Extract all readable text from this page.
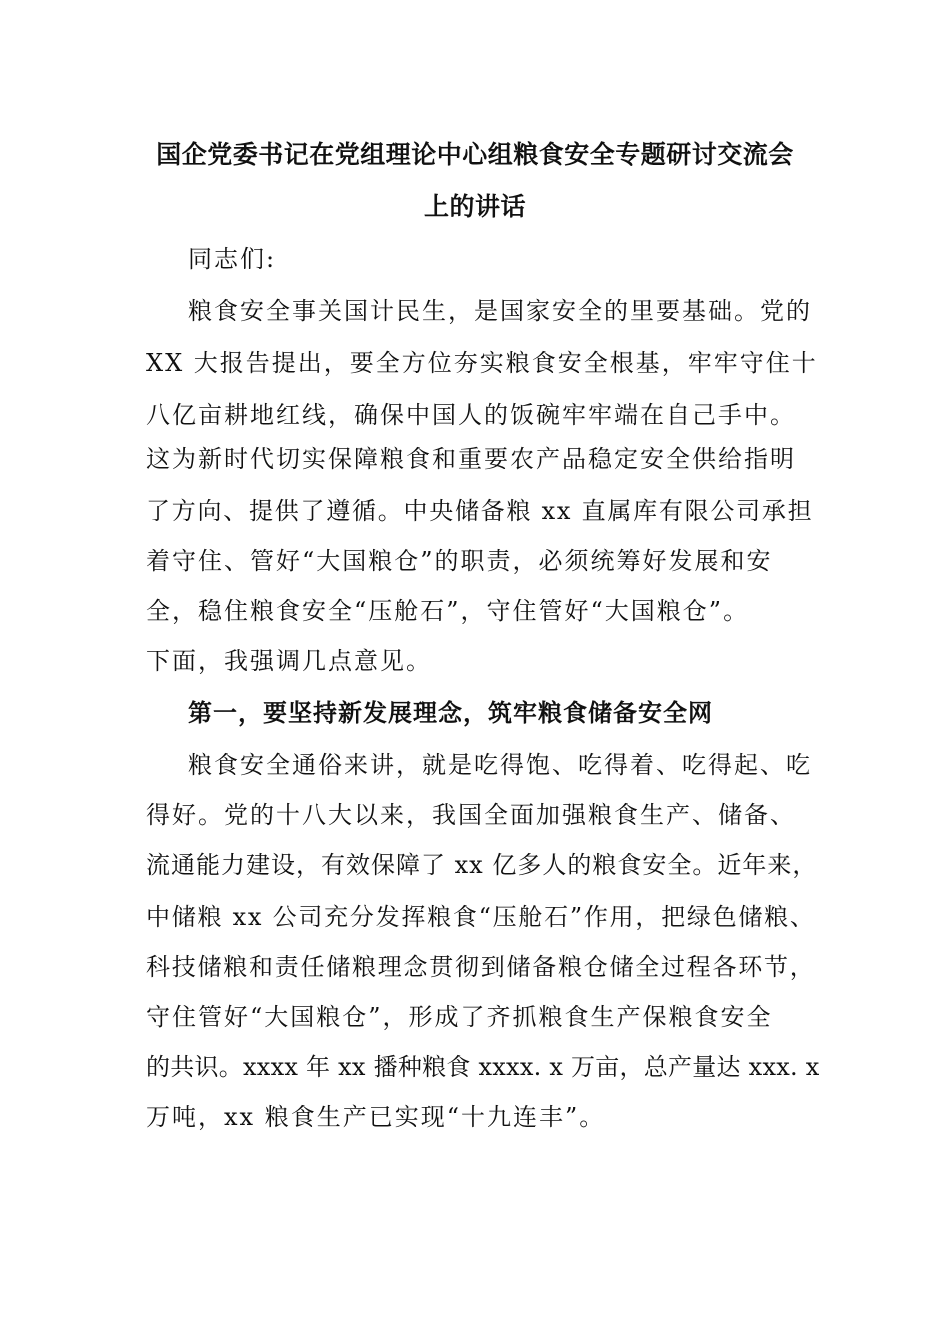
国企党委书记在党组理论中心组粮食安全专题研讨交流会
上的讲话
同志们:
粮食安全事关国计民生，是国家安全的里要基础。党的
XX 大报告提出，要全方位夯实粮食安全根基，牢牢守住十
八亿亩耕地红线，确保中国人的饭碗牢牢端在自己手中。
这为新时代切实保障粮食和重要农产品稳定安全供给指明
了方向、提供了遵循。中央储备粮 xx 直属库有限公司承担
着守住、管好“大国粮仓”的职责，必须统筹好发展和安
全，稳住粮食安全“压舱石”，守住管好“大国粮仓”。
下面，我强调几点意见。
第一，要坚持新发展理念，筑牢粮食储备安全网
粮食安全通俗来讲，就是吃得饱、吃得着、吃得起、吃
得好。党的十八大以来，我国全面加强粮食生产、储备、
流通能力建设，有效保障了 xx 亿多人的粮食安全。近年来，
中储粮 xx 公司充分发挥粮食“压舱石”作用，把绿色储粮、
科技储粮和责任储粮理念贯彻到储备粮仓储全过程各环节，
守住管好“大国粮仓”，形成了齐抓粮食生产保粮食安全
的共识。xxxx 年 xx 播种粮食 xxxx. x 万亩，总产量达 xxx. x
万吨，xx 粮食生产已实现“十九连丰”。
